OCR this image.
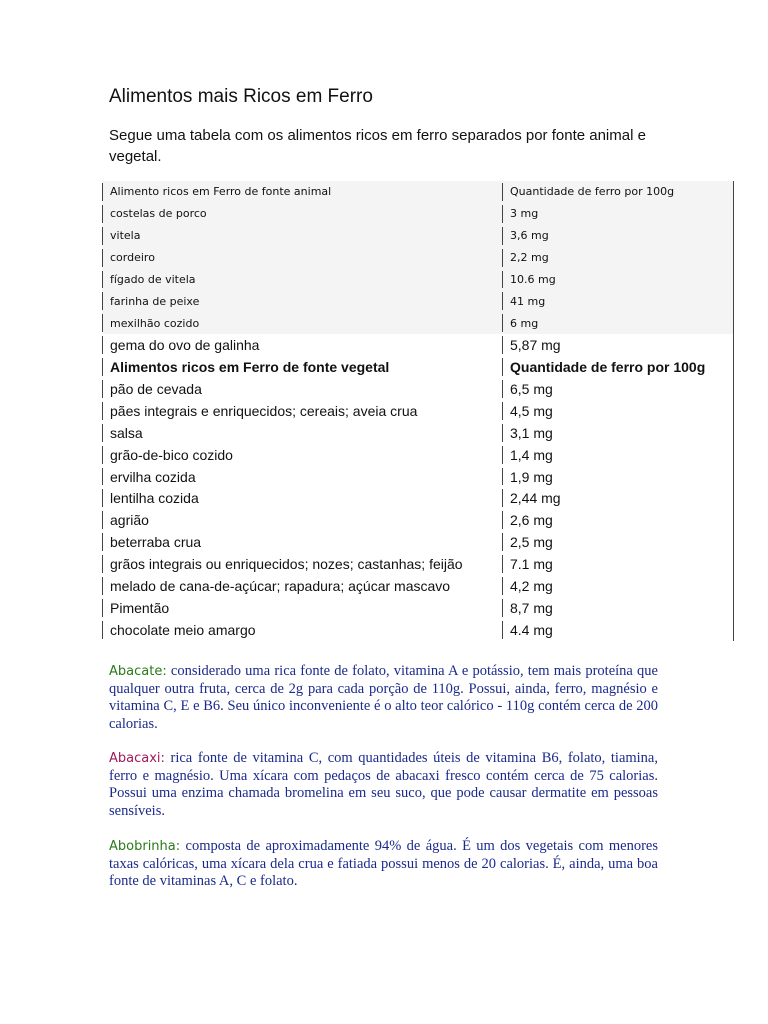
Alimentos mais Ricos em Ferro
Segue uma tabela com os alimentos ricos em ferro separados por fonte animal e vegetal.
Alimento ricos em Ferro de fonte animal	Quantidade de ferro por 100g
costelas de porco	3 mg
vitela	3,6 mg
cordeiro	2,2 mg
fígado de vitela	10.6 mg
farinha de peixe	41 mg
mexilhão cozido	6 mg
gema do ovo de galinha	5,87 mg
Alimentos ricos em Ferro de fonte vegetal	Quantidade de ferro por 100g
pão de cevada	6,5 mg
pães integrais e enriquecidos; cereais; aveia crua	4,5 mg
salsa	3,1 mg
grão-de-bico cozido	1,4 mg
ervilha cozida	1,9 mg
lentilha cozida	2,44 mg
agrião	2,6 mg
beterraba crua	2,5 mg
grãos integrais ou enriquecidos; nozes; castanhas; feijão	7.1 mg
melado de cana-de-açúcar; rapadura; açúcar mascavo	4,2 mg
Pimentão	8,7 mg
chocolate meio amargo	4.4 mg
Abacate: considerado uma rica fonte de folato, vitamina A e potássio, tem mais proteína que qualquer outra fruta, cerca de 2g para cada porção de 110g. Possui, ainda, ferro, magnésio e vitamina C, E e B6. Seu único inconveniente é o alto teor calórico - 110g contém cerca de 200 calorias.
Abacaxi: rica fonte de vitamina C, com quantidades úteis de vitamina B6, folato, tiamina, ferro e magnésio. Uma xícara com pedaços de abacaxi fresco contém cerca de 75 calorias. Possui uma enzima chamada bromelina em seu suco, que pode causar dermatite em pessoas sensíveis.
Abobrinha: composta de aproximadamente 94% de água. É um dos vegetais com menores taxas calóricas, uma xícara dela crua e fatiada possui menos de 20 calorias. É, ainda, uma boa fonte de vitaminas A, C e folato.
